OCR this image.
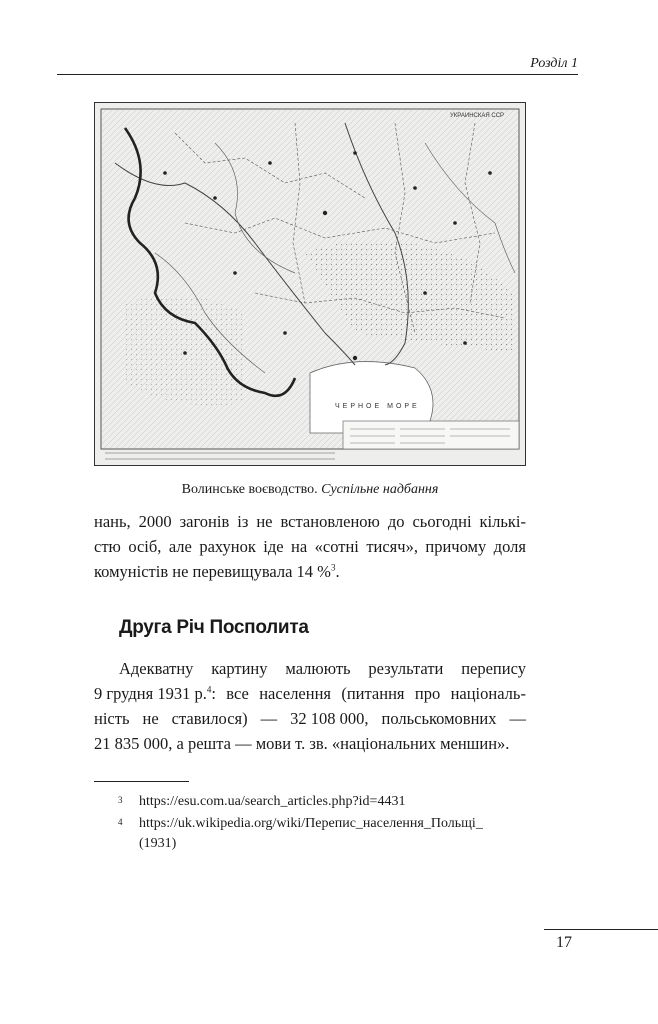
Розділ 1
УКРАИНСКАЯ ССР
ЧЕРНОЕ МОРЕ
Волинське воєводство. Суспільне надбання
нань, 2000 загонів із не встановленою до сьогодні кількі-
стю осіб, але рахунок іде на «сотні тисяч», причому доля
комуністів не перевищувала 14 %$^3$.
Друга Річ Посполита
Адекватну картину малюють результати перепису
9 грудня 1931 р.$^4$: все населення (питання про національ-
ність не ставилося) — 32 108 000, польськомовних —
21 835 000, а решта — мови т. зв. «національних меншин».
3 https://esu.com.ua/search_articles.php?id=4431
4 https://uk.wikipedia.org/wiki/Перепис_населення_Польщі_
(1931)
17
